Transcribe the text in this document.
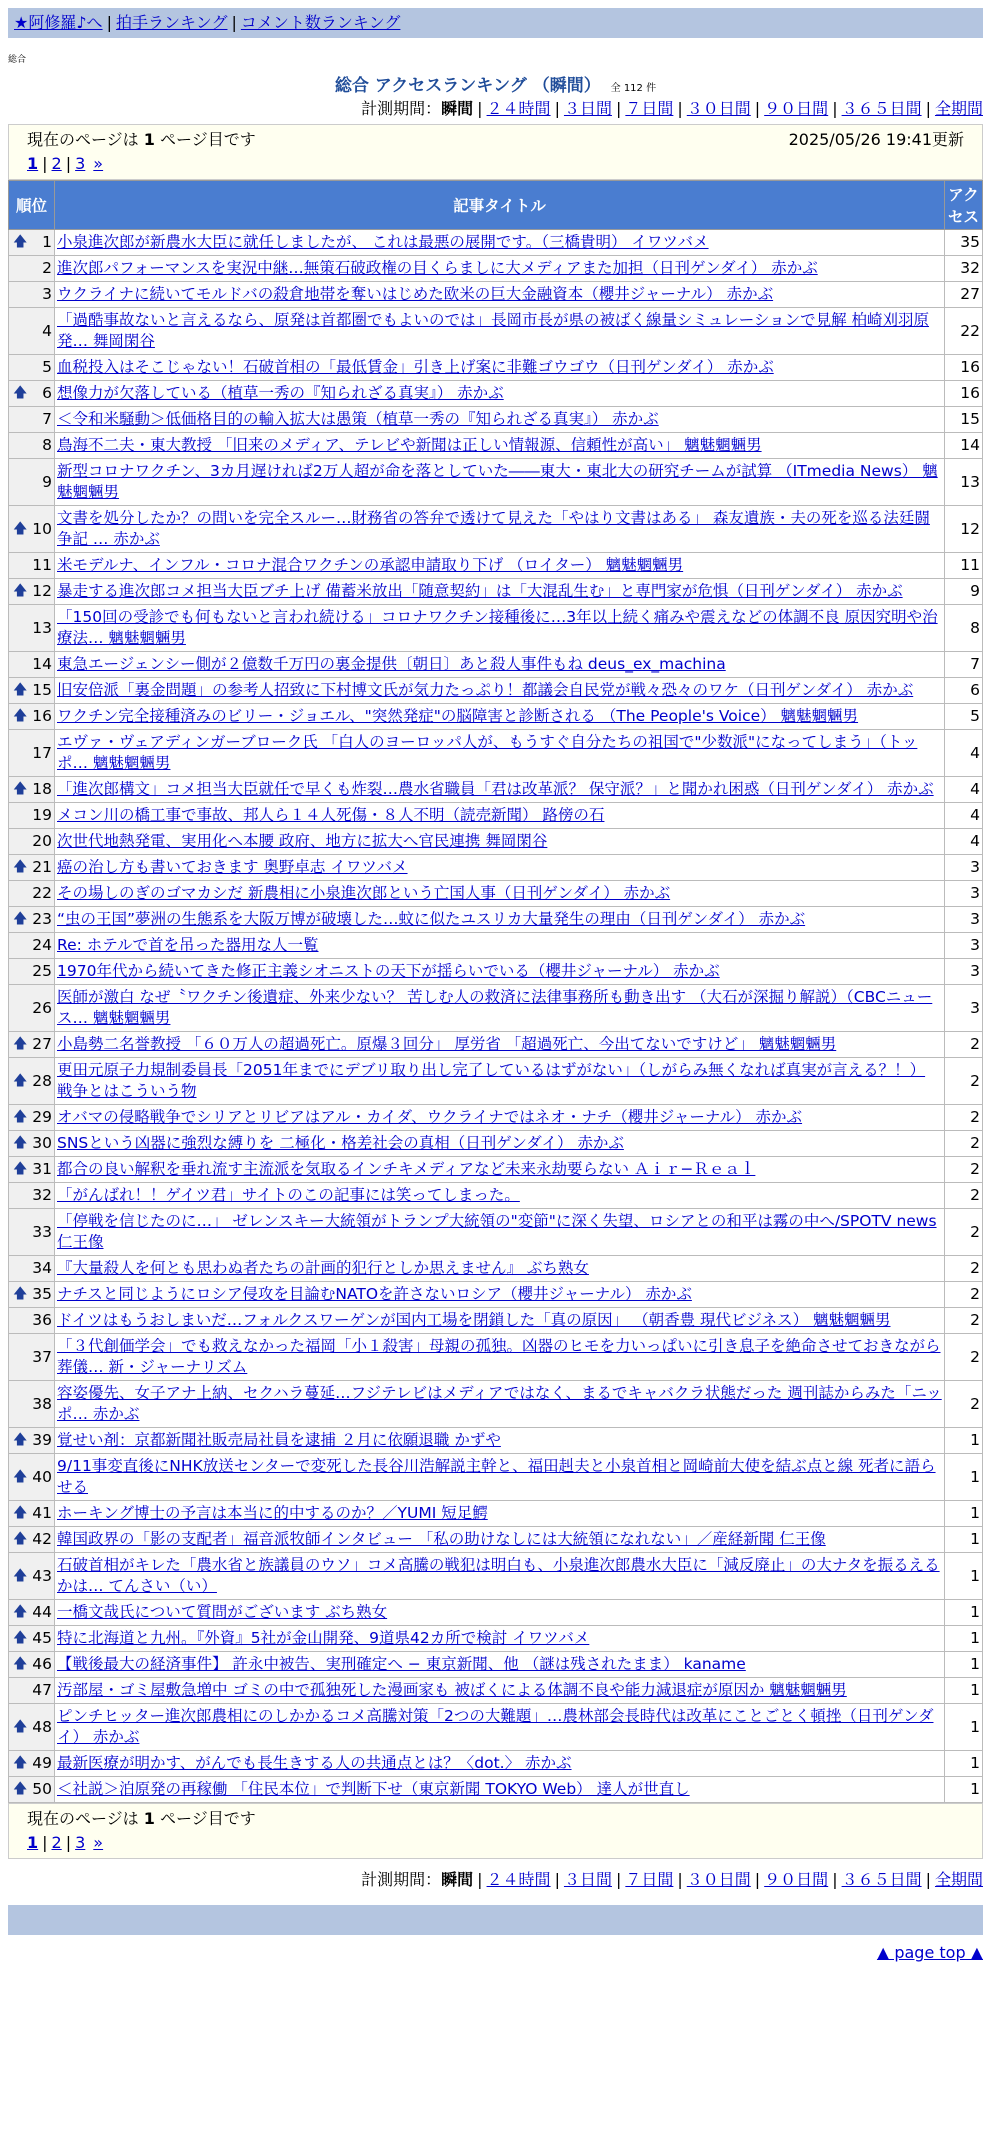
★阿修羅♪へ | 拍手ランキング | コメント数ランキング
総合
総合 アクセスランキング （瞬間） 全 112 件
計測期間：瞬間 | ２４時間 | ３日間 | ７日間 | ３０日間 | ９０日間 | ３６５日間 | 全期間
現在のページは 1 ページ目です	2025/05/26 19:41更新
1 | 2 | 3 »
順位	記事タイトル	アクセス

🡅 1	小泉進次郎が新農水大臣に就任しましたが、 これは最悪の展開です。（三橋貴明） イワツバメ	35
2	進次郎パフォーマンスを実況中継…無策石破政権の目くらましに大メディアまた加担（日刊ゲンダイ） 赤かぶ	32
3	ウクライナに続いてモルドバの殺倉地帯を奪いはじめた欧米の巨大金融資本（櫻井ジャーナル） 赤かぶ	27
4	「過酷事故ないと言えるなら、原発は首都圏でもよいのでは」長岡市長が県の被ばく線量シミュレーションで見解 柏崎刈羽原発… 舞岡閑谷	22
5	血税投入はそこじゃない！石破首相の「最低賃金」引き上げ案に非難ゴウゴウ（日刊ゲンダイ） 赤かぶ	16

🡅 6	想像力が欠落している（植草一秀の『知られざる真実』） 赤かぶ	16
7	＜令和米騒動＞低価格目的の輸入拡大は愚策（植草一秀の『知られざる真実』） 赤かぶ	15
8	鳥海不二夫・東大教授 「旧来のメディア、テレビや新聞は正しい情報源、信頼性が高い」 魑魅魍魎男	14
9	新型コロナワクチン、3カ月遅ければ2万人超が命を落としていた――東大・東北大の研究チームが試算 （ITmedia News） 魑魅魍魎男	13

🡅 10	文書を処分したか？の問いを完全スルー…財務省の答弁で透けて見えた「やはり文書はある」 森友遺族・夫の死を巡る法廷闘争記 … 赤かぶ	12
11	米モデルナ、インフル・コロナ混合ワクチンの承認申請取り下げ （ロイター） 魑魅魍魎男	11

🡅 12	暴走する進次郎コメ担当大臣ブチ上げ 備蓄米放出「随意契約」は「大混乱生む」と専門家が危惧（日刊ゲンダイ） 赤かぶ	9
13	「150回の受診でも何もないと言われ続ける」コロナワクチン接種後に…3年以上続く痛みや震えなどの体調不良 原因究明や治療法… 魑魅魍魎男	8
14	東急エージェンシー側が２億数千万円の裏金提供〔朝日〕あと殺人事件もね deus_ex_machina	7

🡅 15	旧安倍派「裏金問題」の参考人招致に下村博文氏が気力たっぷり！都議会自民党が戦々恐々のワケ（日刊ゲンダイ） 赤かぶ	6

🡅 16	ワクチン完全接種済みのビリー・ジョエル、"突然発症"の脳障害と診断される （The People's Voice） 魑魅魍魎男	5
17	エヴァ・ヴェアディンガーブローク氏 「白人のヨーロッパ人が、もうすぐ自分たちの祖国で"少数派"になってしまう」（トッポ… 魑魅魍魎男	4

🡅 18	「進次郎構文」コメ担当大臣就任で早くも炸裂…農水省職員「君は改革派？ 保守派？」と聞かれ困惑（日刊ゲンダイ） 赤かぶ	4
19	メコン川の橋工事で事故、邦人ら１４人死傷・８人不明（読売新聞） 路傍の石	4
20	次世代地熱発電、実用化へ本腰 政府、地方に拡大へ官民連携 舞岡閑谷	4

🡅 21	癌の治し方も書いておきます 奥野卓志 イワツバメ	3
22	その場しのぎのゴマカシだ 新農相に小泉進次郎という亡国人事（日刊ゲンダイ） 赤かぶ	3

🡅 23	“虫の王国”夢洲の生態系を大阪万博が破壊した…蚊に似たユスリカ大量発生の理由（日刊ゲンダイ） 赤かぶ	3
24	Re: ホテルで首を吊った器用な人一覧	3
25	1970年代から続いてきた修正主義シオニストの天下が揺らいでいる（櫻井ジャーナル） 赤かぶ	3
26	医師が激白 なぜ〝ワクチン後遺症、外来少ない？ 苦しむ人の救済に法律事務所も動き出す （大石が深掘り解説）（CBCニュース… 魑魅魍魎男	3

🡅 27	小島勢二名誉教授 「６０万人の超過死亡。原爆３回分」 厚労省 「超過死亡、今出てないですけど」 魑魅魍魎男	2

🡅 28	更田元原子力規制委員長「2051年までにデブリ取り出し完了しているはずがない」（しがらみ無くなれば真実が言える？！） 戦争とはこういう物	2

🡅 29	オバマの侵略戦争でシリアとリビアはアル・カイダ、ウクライナではネオ・ナチ（櫻井ジャーナル） 赤かぶ	2

🡅 30	SNSという凶器に強烈な縛りを 二極化・格差社会の真相（日刊ゲンダイ） 赤かぶ	2

🡅 31	都合の良い解釈を垂れ流す主流派を気取るインチキメディアなど未来永劫要らない Ａｉｒ−Ｒｅａｌ	2
32	「がんばれ！！ゲイツ君」サイトのこの記事には笑ってしまった。	2
33	「停戦を信じたのに…」 ゼレンスキー大統領がトランプ大統領の"変節"に深く失望、ロシアとの和平は霧の中へ/SPOTV news 仁王像	2
34	『大量殺人を何とも思わぬ者たちの計画的犯行としか思えません』 ぶち熟女	2

🡅 35	ナチスと同じようにロシア侵攻を目論むNATOを許さないロシア（櫻井ジャーナル） 赤かぶ	2
36	ドイツはもうおしまいだ…フォルクスワーゲンが国内工場を閉鎖した「真の原因」 （朝香豊 現代ビジネス） 魑魅魍魎男	2
37	「３代創価学会」でも救えなかった福岡「小１殺害」母親の孤独。凶器のヒモを力いっぱいに引き息子を絶命させておきながら葬儀… 新・ジャーナリズム	2
38	容姿優先、女子アナ上納、セクハラ蔓延…フジテレビはメディアではなく、まるでキャバクラ状態だった 週刊誌からみた「ニッポ… 赤かぶ	2

🡅 39	覚せい剤：京都新聞社販売局社員を逮捕 ２月に依願退職 かずや	1

🡅 40	9/11事変直後にNHK放送センターで変死した長谷川浩解説主幹と、福田赳夫と小泉首相と岡崎前大使を結ぶ点と線 死者に語らせる	1

🡅 41	ホーキング博士の予言は本当に的中するのか？／YUMI 短足鰐	1

🡅 42	韓国政界の「影の支配者」福音派牧師インタビュー 「私の助けなしには大統領になれない」／産経新聞 仁王像	1

🡅 43	石破首相がキレた「農水省と族議員のウソ」コメ高騰の戦犯は明白も、小泉進次郎農水大臣に「減反廃止」の大ナタを振るえるかは… てんさい（い）	1

🡅 44	一橋文哉氏について質問がございます ぶち熟女	1

🡅 45	特に北海道と九州。『外資』5社が金山開発、9道県42カ所で検討 イワツバメ	1

🡅 46	【戦後最大の経済事件】 許永中被告、実刑確定へ − 東京新聞、他 （謎は残されたまま） kaname	1
47	汚部屋・ゴミ屋敷急増中 ゴミの中で孤独死した漫画家も 被ばくによる体調不良や能力減退症が原因か 魑魅魍魎男	1

🡅 48	ピンチヒッター進次郎農相にのしかかるコメ高騰対策「2つの大難題」…農林部会長時代は改革にことごとく頓挫（日刊ゲンダイ） 赤かぶ	1

🡅 49	最新医療が明かす、がんでも長生きする人の共通点とは？〈dot.〉 赤かぶ	1

🡅 50	＜社説＞泊原発の再稼働 「住民本位」で判断下せ（東京新聞 TOKYO Web） 達人が世直し	1
現在のページは 1 ページ目です
1 | 2 | 3 »
計測期間：瞬間 | ２４時間 | ３日間 | ７日間 | ３０日間 | ９０日間 | ３６５日間 | 全期間
▲ page top ▲
